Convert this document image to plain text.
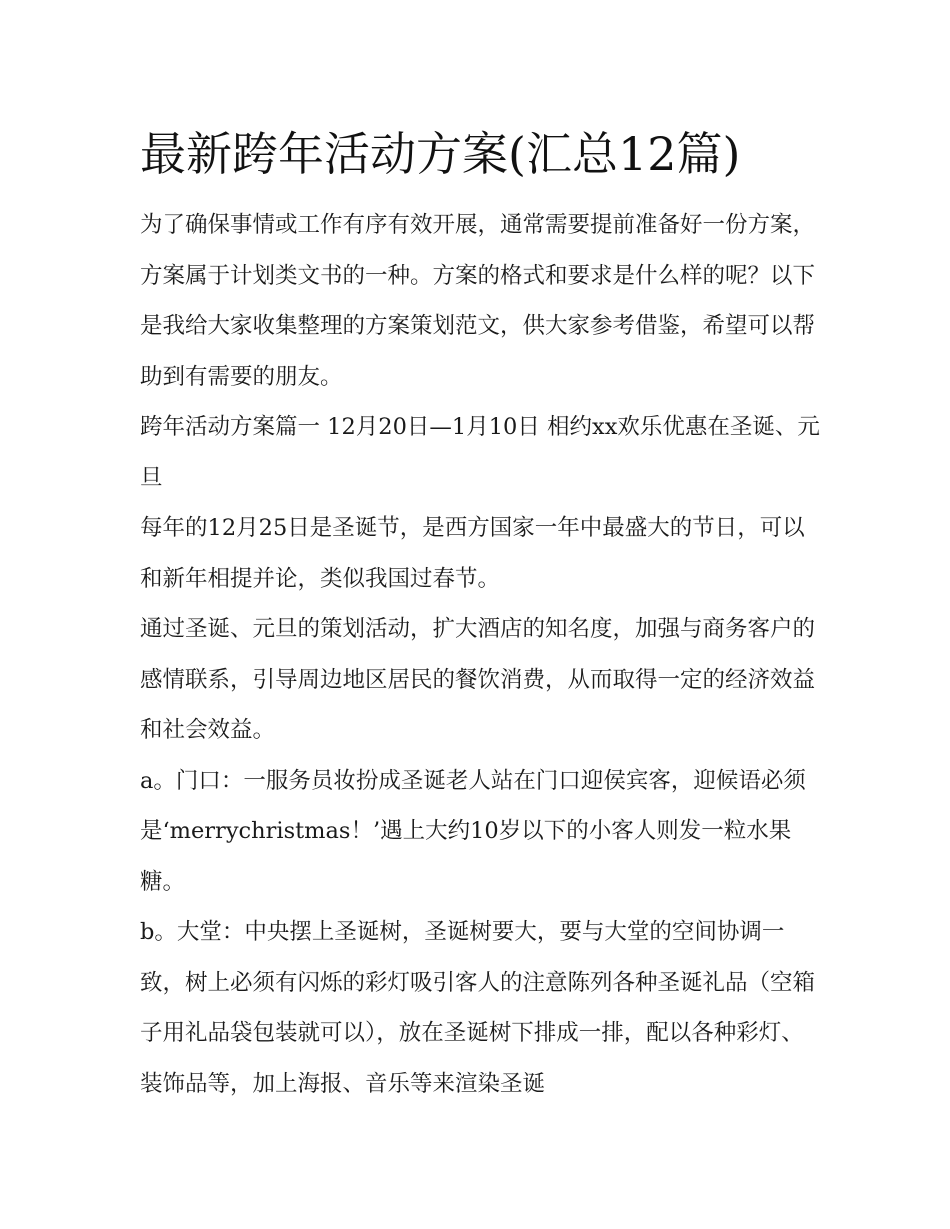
最新跨年活动方案(汇总12篇)

为了确保事情或工作有序有效开展，通常需要提前准备好一份方案，方案属于计划类文书的一种。方案的格式和要求是什么样的呢？以下是我给大家收集整理的方案策划范文，供大家参考借鉴，希望可以帮助到有需要的朋友。

跨年活动方案篇一 12月20日—1月10日 相约xx欢乐优惠在圣诞、元旦

每年的12月25日是圣诞节，是西方国家一年中最盛大的节日，可以和新年相提并论，类似我国过春节。

通过圣诞、元旦的策划活动，扩大酒店的知名度，加强与商务客户的感情联系，引导周边地区居民的餐饮消费，从而取得一定的经济效益和社会效益。

a。门口：一服务员妆扮成圣诞老人站在门口迎侯宾客，迎候语必须是‘merrychristmas！’遇上大约10岁以下的小客人则发一粒水果糖。

b。大堂：中央摆上圣诞树，圣诞树要大，要与大堂的空间协调一致，树上必须有闪烁的彩灯吸引客人的注意陈列各种圣诞礼品（空箱子用礼品袋包装就可以），放在圣诞树下排成一排，配以各种彩灯、装饰品等，加上海报、音乐等来渲染圣诞
